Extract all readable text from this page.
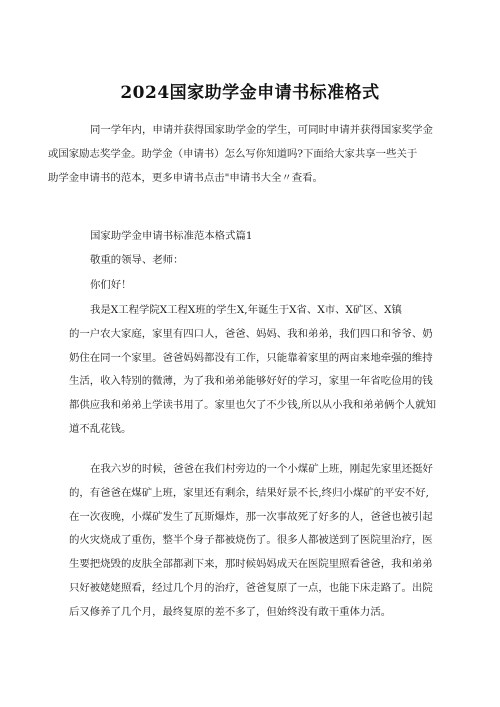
2024国家助学金申请书标准格式
同一学年内，申请并获得国家助学金的学生，可同时申请并获得国家奖学金
或国家励志奖学金。助学金（申请书）怎么写你知道吗?下面给大家共享一些关于
助学金申请书的范本，更多申请书点击"申请书大全〃查看。
国家助学金申请书标准范本格式篇1
敬重的领导、老师：
你们好！
我是X工程学院X工程X班的学生X,年诞生于X省、X市、X矿区、X镇
的一户农大家庭，家里有四口人，爸爸、妈妈、我和弟弟，我们四口和爷爷、奶
奶住在同一个家里。爸爸妈妈都没有工作，只能靠着家里的两亩来地牵强的维持
生活，收入特别的微薄，为了我和弟弟能够好好的学习，家里一年省吃俭用的钱
都供应我和弟弟上学读书用了。家里也欠了不少钱,所以从小我和弟弟俩个人就知
道不乱花钱。
在我六岁的时候，爸爸在我们村旁边的一个小煤矿上班，刚起先家里还挺好
的，有爸爸在煤矿上班，家里还有剩余，结果好景不长,终归小煤矿的平安不好,
在一次夜晚，小煤矿发生了瓦斯爆炸，那一次事故死了好多的人，爸爸也被引起
的火灾烧成了重伤，整半个身子都被烧伤了。很多人都被送到了医院里治疗，医
生要把烧毁的皮肤全部都剥下来，那时候妈妈成天在医院里照看爸爸，我和弟弟
只好被姥姥照看，经过几个月的治疗，爸爸复原了一点，也能下床走路了。出院
后又修养了几个月，最终复原的差不多了，但始终没有敢干重体力活。
